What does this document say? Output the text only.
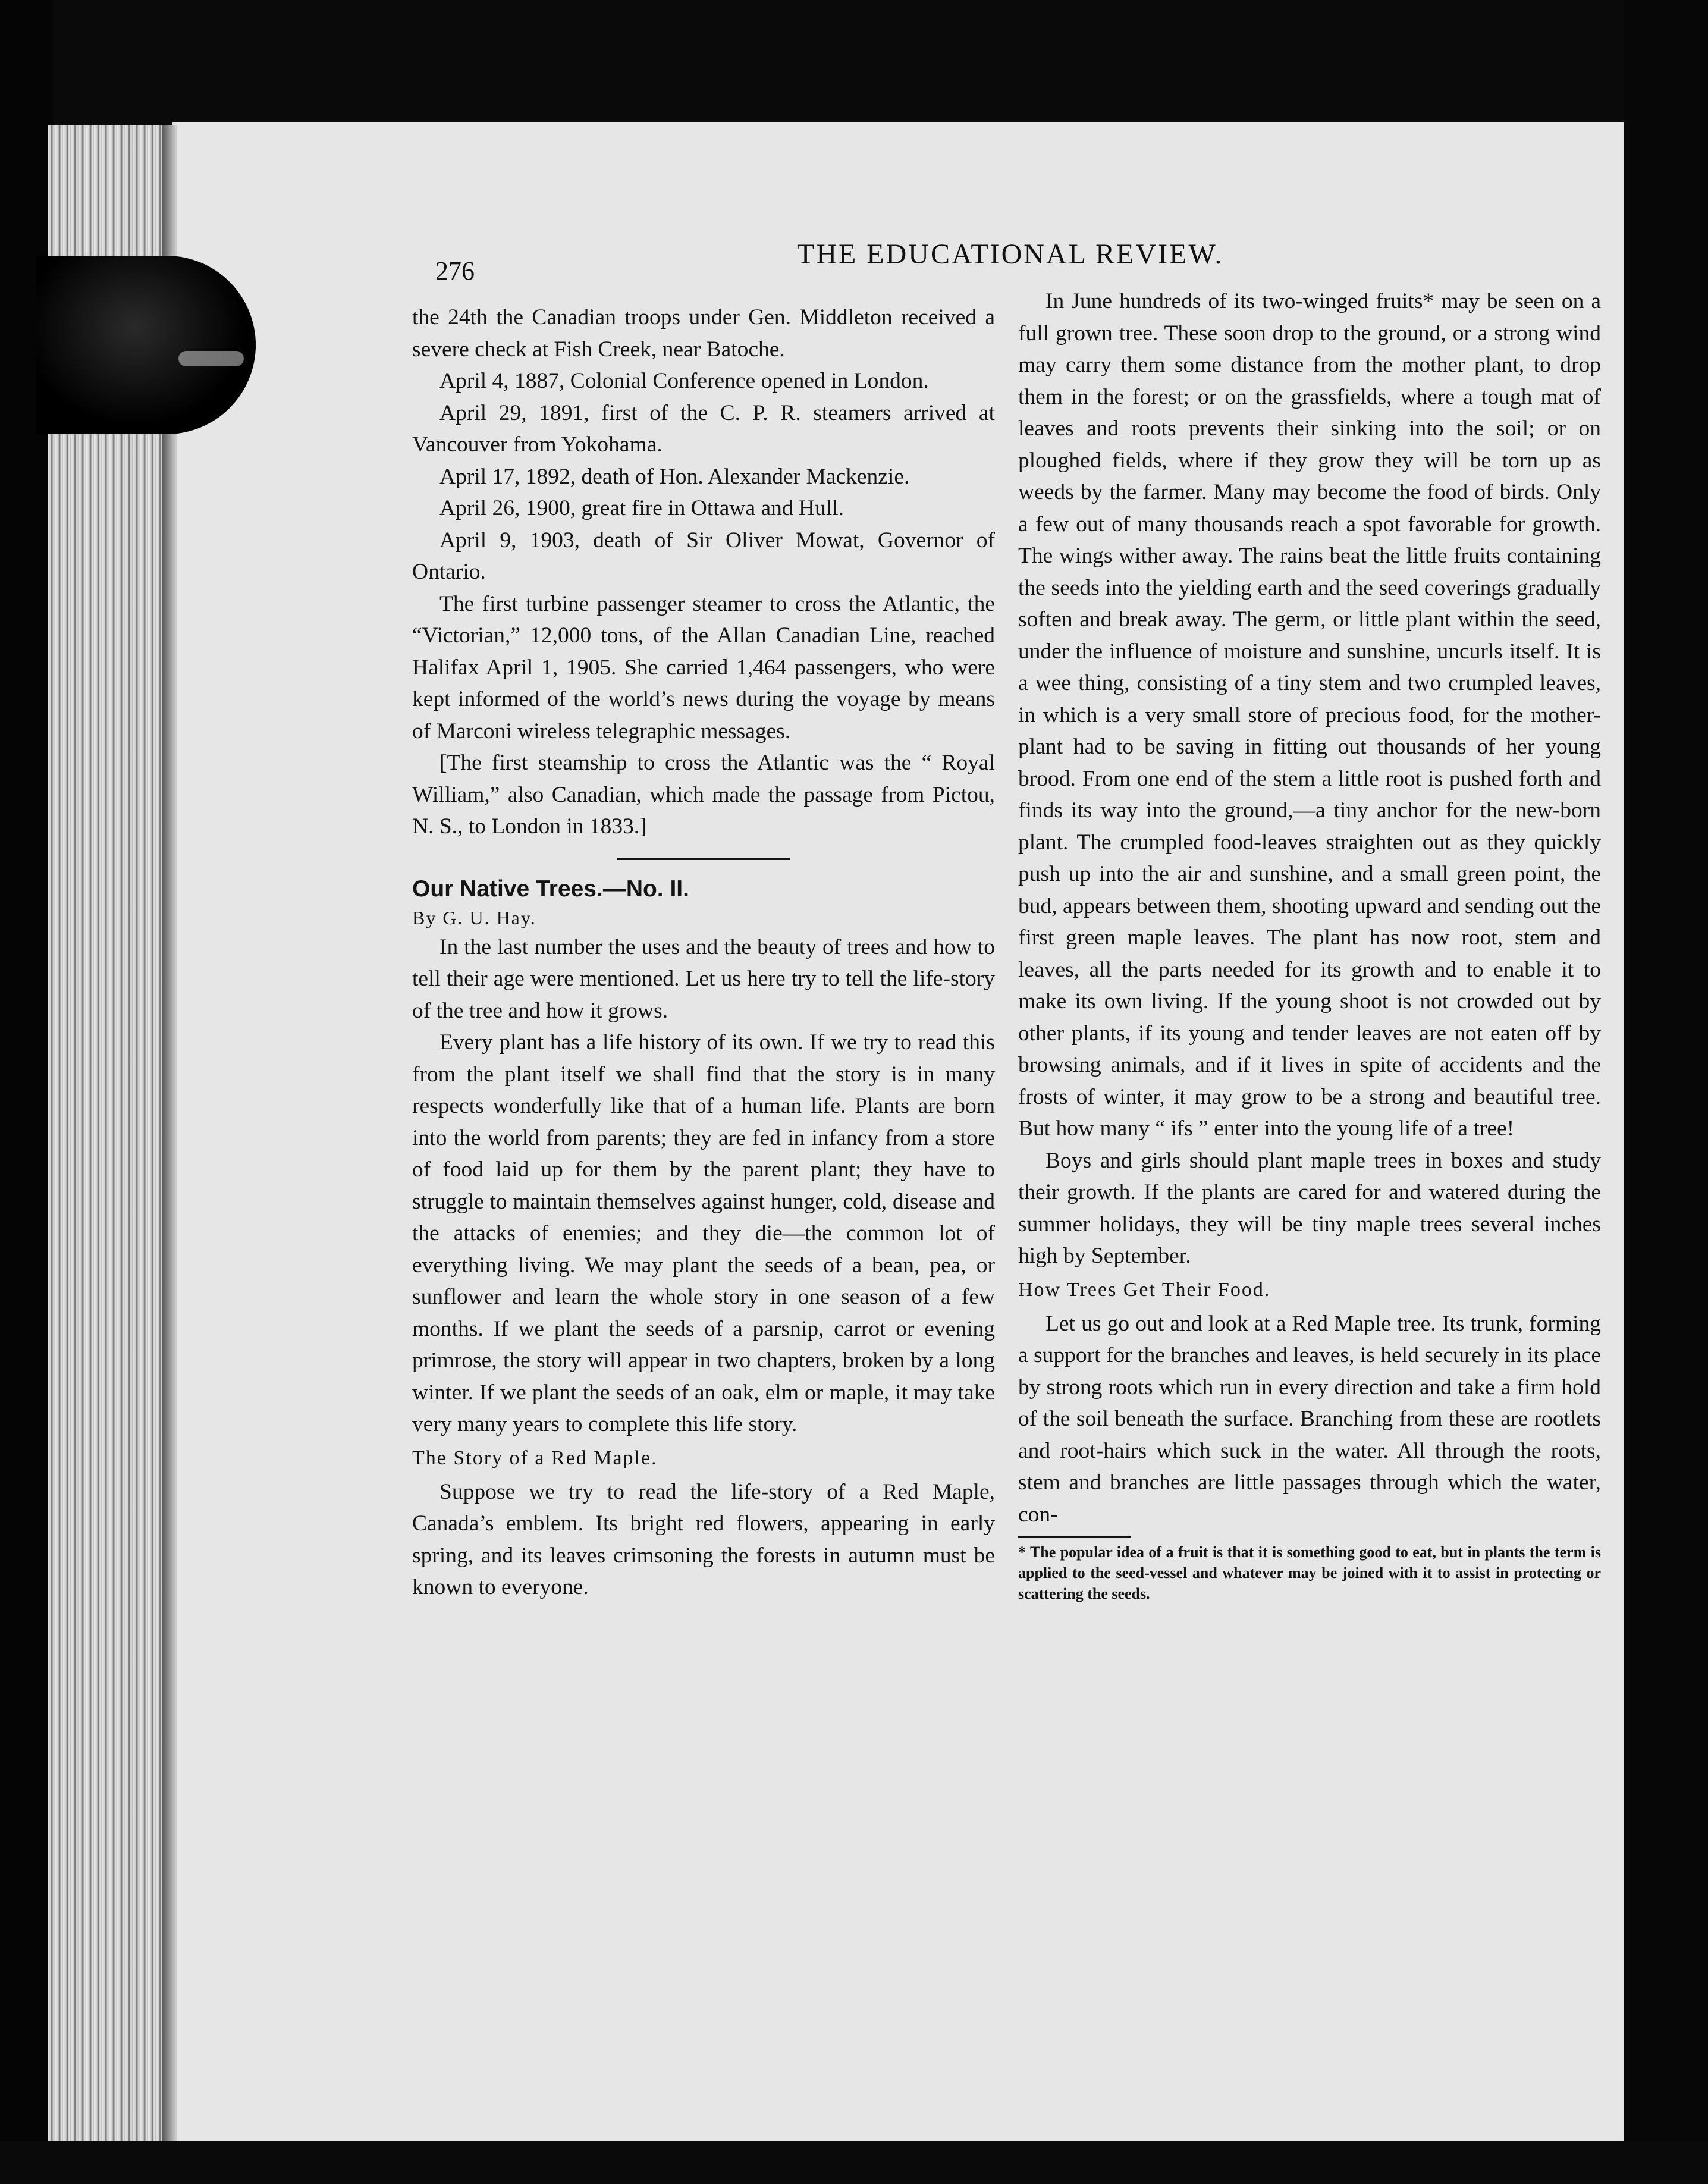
276
THE EDUCATIONAL REVIEW.

the 24th the Canadian troops under Gen. Middleton received a severe check at Fish Creek, near Batoche.

April 4, 1887, Colonial Conference opened in London.

April 29, 1891, first of the C. P. R. steamers arrived at Vancouver from Yokohama.

April 17, 1892, death of Hon. Alexander Mackenzie.

April 26, 1900, great fire in Ottawa and Hull.

April 9, 1903, death of Sir Oliver Mowat, Governor of Ontario.

The first turbine passenger steamer to cross the Atlantic, the “Victorian,” 12,000 tons, of the Allan Canadian Line, reached Halifax April 1, 1905. She carried 1,464 passengers, who were kept informed of the world’s news during the voyage by means of Marconi wireless telegraphic messages.

[The first steamship to cross the Atlantic was the “ Royal William,” also Canadian, which made the passage from Pictou, N. S., to London in 1833.]

Our Native Trees.—No. II.

By G. U. Hay.

In the last number the uses and the beauty of trees and how to tell their age were mentioned. Let us here try to tell the life-story of the tree and how it grows.

Every plant has a life history of its own. If we try to read this from the plant itself we shall find that the story is in many respects wonderfully like that of a human life. Plants are born into the world from parents; they are fed in infancy from a store of food laid up for them by the parent plant; they have to struggle to maintain themselves against hunger, cold, disease and the attacks of enemies; and they die—the common lot of everything living. We may plant the seeds of a bean, pea, or sunflower and learn the whole story in one season of a few months. If we plant the seeds of a parsnip, carrot or evening primrose, the story will appear in two chapters, broken by a long winter. If we plant the seeds of an oak, elm or maple, it may take very many years to complete this life story.

The Story of a Red Maple.

Suppose we try to read the life-story of a Red Maple, Canada’s emblem. Its bright red flowers, appearing in early spring, and its leaves crimsoning the forests in autumn must be known to everyone.

In June hundreds of its two-winged fruits* may be seen on a full grown tree. These soon drop to the ground, or a strong wind may carry them some distance from the mother plant, to drop them in the forest; or on the grassfields, where a tough mat of leaves and roots prevents their sinking into the soil; or on ploughed fields, where if they grow they will be torn up as weeds by the farmer. Many may become the food of birds. Only a few out of many thousands reach a spot favorable for growth. The wings wither away. The rains beat the little fruits containing the seeds into the yielding earth and the seed coverings gradually soften and break away. The germ, or little plant within the seed, under the influence of moisture and sunshine, uncurls itself. It is a wee thing, consisting of a tiny stem and two crumpled leaves, in which is a very small store of precious food, for the mother-plant had to be saving in fitting out thousands of her young brood. From one end of the stem a little root is pushed forth and finds its way into the ground,—a tiny anchor for the new-born plant. The crumpled food-leaves straighten out as they quickly push up into the air and sunshine, and a small green point, the bud, appears between them, shooting upward and sending out the first green maple leaves. The plant has now root, stem and leaves, all the parts needed for its growth and to enable it to make its own living. If the young shoot is not crowded out by other plants, if its young and tender leaves are not eaten off by browsing animals, and if it lives in spite of accidents and the frosts of winter, it may grow to be a strong and beautiful tree. But how many “ ifs ” enter into the young life of a tree!

Boys and girls should plant maple trees in boxes and study their growth. If the plants are cared for and watered during the summer holidays, they will be tiny maple trees several inches high by September.

How Trees Get Their Food.

Let us go out and look at a Red Maple tree. Its trunk, forming a support for the branches and leaves, is held securely in its place by strong roots which run in every direction and take a firm hold of the soil beneath the surface. Branching from these are rootlets and root-hairs which suck in the water. All through the roots, stem and branches are little passages through which the water, con-

* The popular idea of a fruit is that it is something good to eat, but in plants the term is applied to the seed-vessel and whatever may be joined with it to assist in protecting or scattering the seeds.
